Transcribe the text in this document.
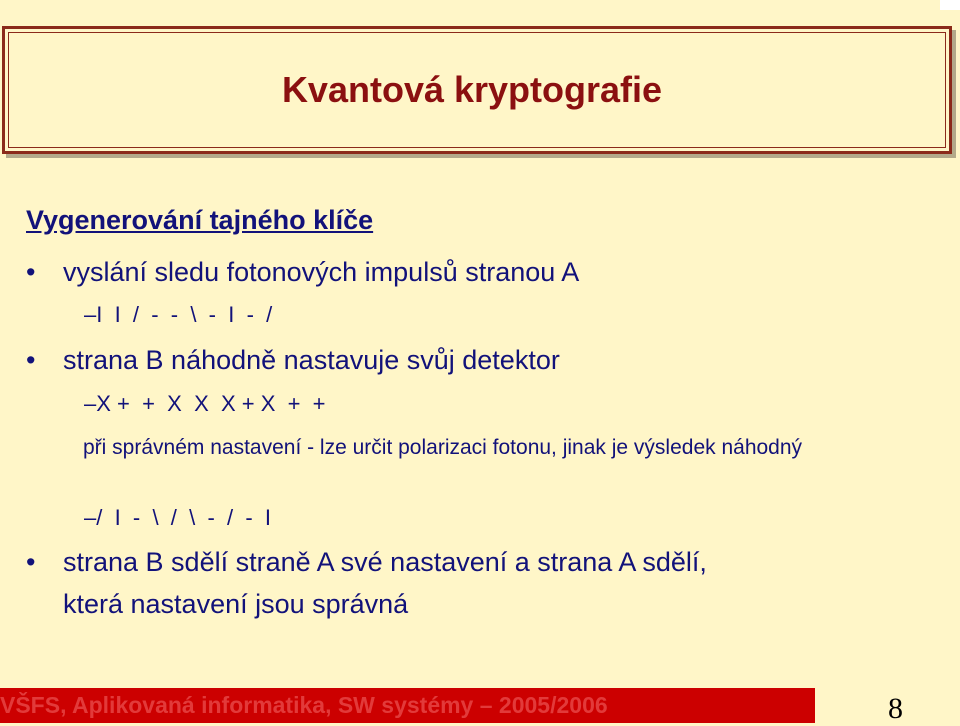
Kvantová kryptografie
Vygenerování tajného klíče
• vyslání sledu fotonových impulsů stranou A
–I  I  /  -  -  \  -  I  -  /
• strana B náhodně nastavuje svůj detektor
–X +  +  X  X  X + X  +  +
při správném nastavení - lze určit polarizaci fotonu, jinak je výsledek náhodný
–/  I  -  \  /  \  -  /  -  I
• strana B sdělí straně A své nastavení a strana A sdělí,
která nastavení jsou správná
VŠFS, Aplikovaná informatika, SW systémy – 2005/2006	8
